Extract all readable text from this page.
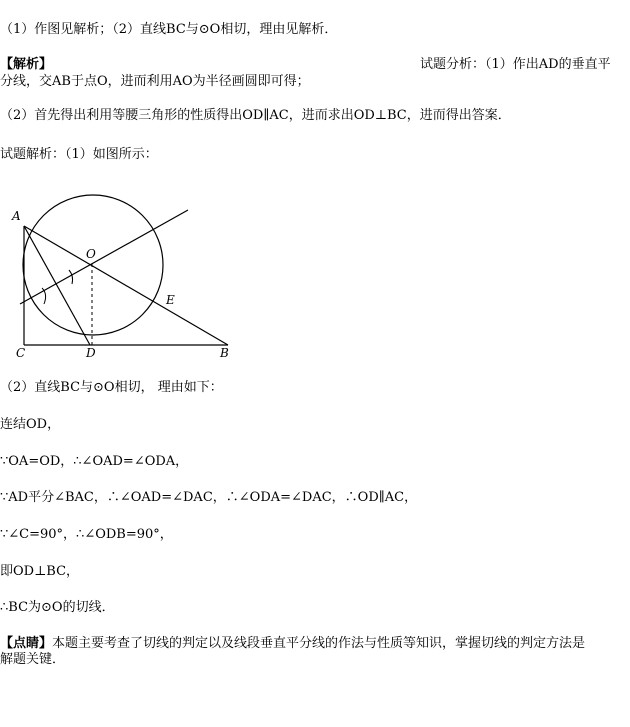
（1）作图见解析；（2）直线BC与⊙O相切，理由见解析．
【解析】	试题分析：（1）作出AD的垂直平
分线，交AB于点O，进而利用AO为半径画圆即可得；
（2）首先得出利用等腰三角形的性质得出OD∥AC，进而求出OD⊥BC，进而得出答案．
试题解析：（1）如图所示：
A
O
E
C	D	B
（2）直线BC与⊙O相切， 理由如下：
连结OD，
∵OA=OD，∴∠OAD=∠ODA，
∵AD平分∠BAC，∴∠OAD=∠DAC，∴∠ODA=∠DAC，∴OD∥AC，
∵∠C=90°，∴∠ODB=90°，
即OD⊥BC，
∴BC为⊙O的切线．
【点睛】本题主要考查了切线的判定以及线段垂直平分线的作法与性质等知识，掌握切线的判定方法是
解题关键．
